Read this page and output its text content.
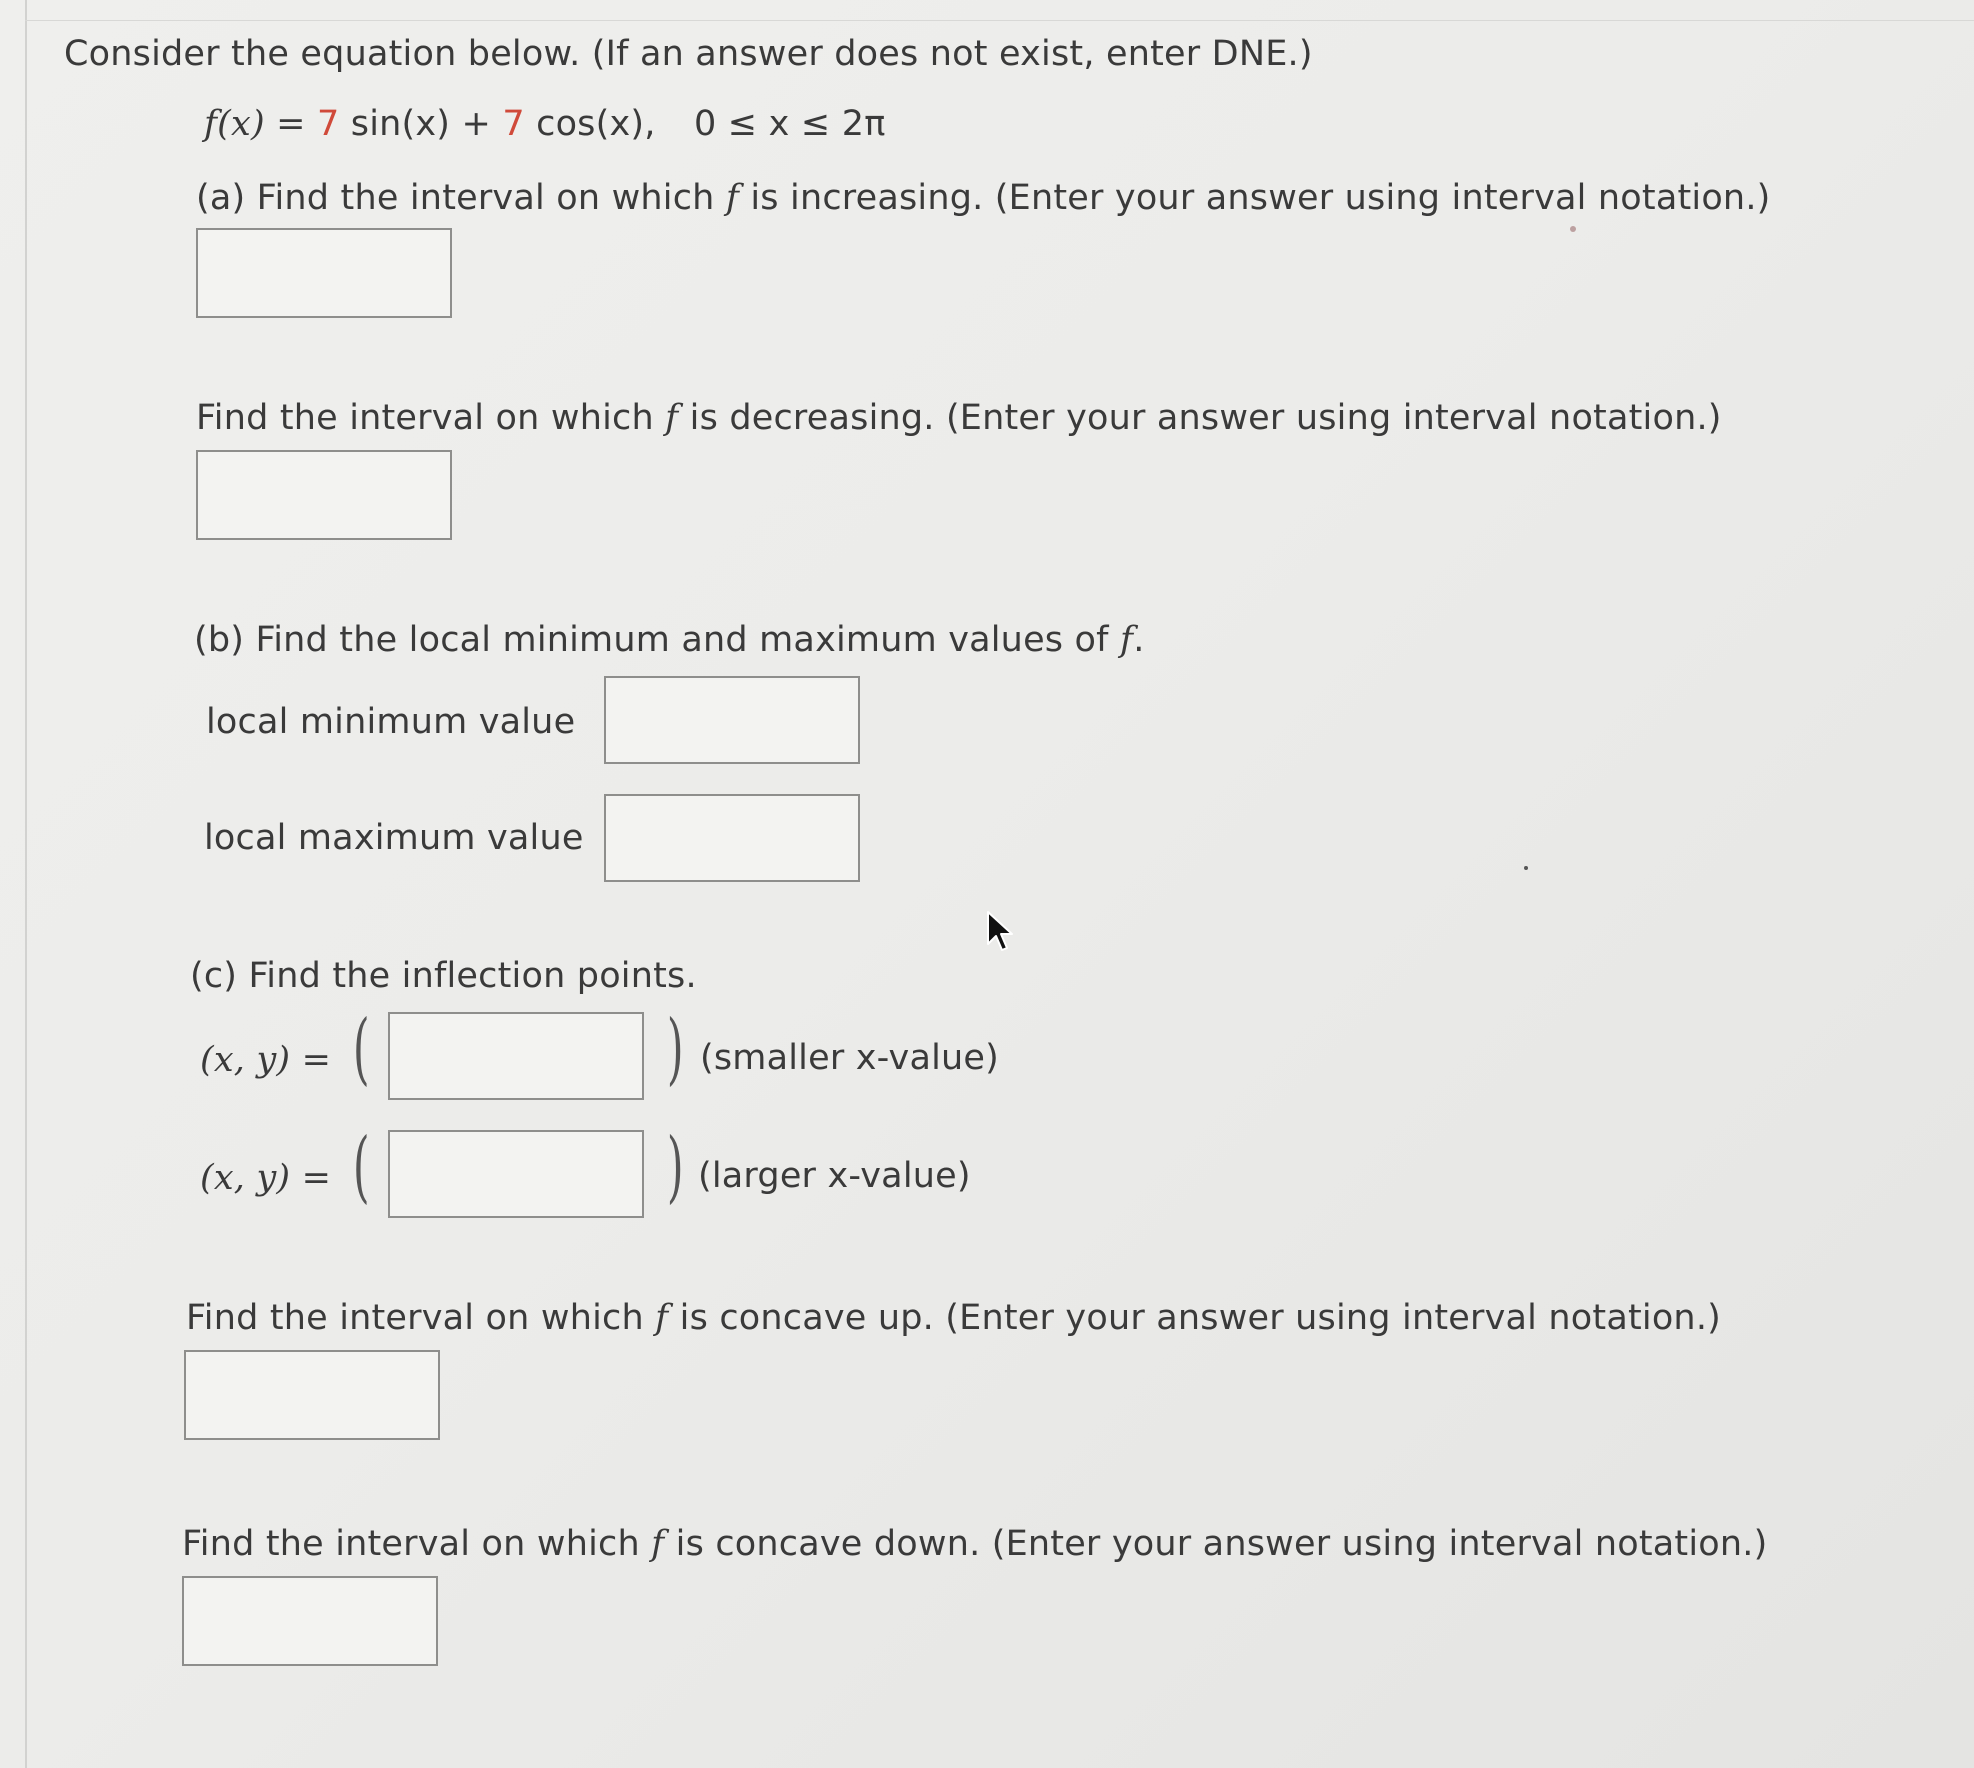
Consider the equation below. (If an answer does not exist, enter DNE.)
f(x) = 7 sin(x) + 7 cos(x), 0 ≤ x ≤ 2π
(a) Find the interval on which f is increasing. (Enter your answer using interval notation.)
Find the interval on which f is decreasing. (Enter your answer using interval notation.)
(b) Find the local minimum and maximum values of f.
local minimum value
local maximum value
(c) Find the inflection points.
(x, y) = (	) (smaller x-value)
(x, y) = (	) (larger x-value)
Find the interval on which f is concave up. (Enter your answer using interval notation.)
Find the interval on which f is concave down. (Enter your answer using interval notation.)
